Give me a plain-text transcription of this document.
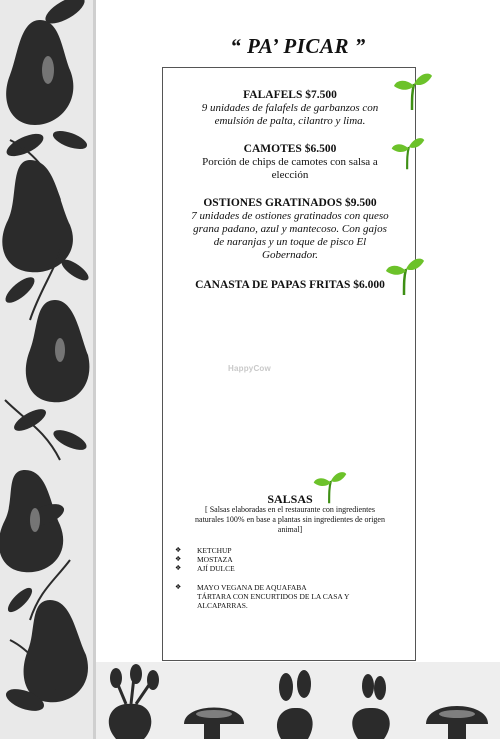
“ PA’ PICAR ”
FALAFELS $7.500
9 unidades de falafels de garbanzos con
emulsión de palta, cilantro y lima.
CAMOTES $6.500
Porción de chips de camotes con salsa a
elección
OSTIONES GRATINADOS $9.500
7 unidades de ostiones gratinados con queso
grana padano, azul y mantecoso. Con gajos
de naranjas y un toque de pisco El
Gobernador.
CANASTA DE PAPAS FRITAS $6.000
SALSAS
[ Salsas elaboradas en el restaurante con ingredientes
naturales 100% en base a plantas sin ingredientes de origen
animal]
❖ KETCHUP
❖ MOSTAZA
❖ AJÍ DULCE
❖ MAYO VEGANA DE AQUAFABA
TÁRTARA CON ENCURTIDOS DE LA CASA Y
ALCAPARRAS.
HappyCow
